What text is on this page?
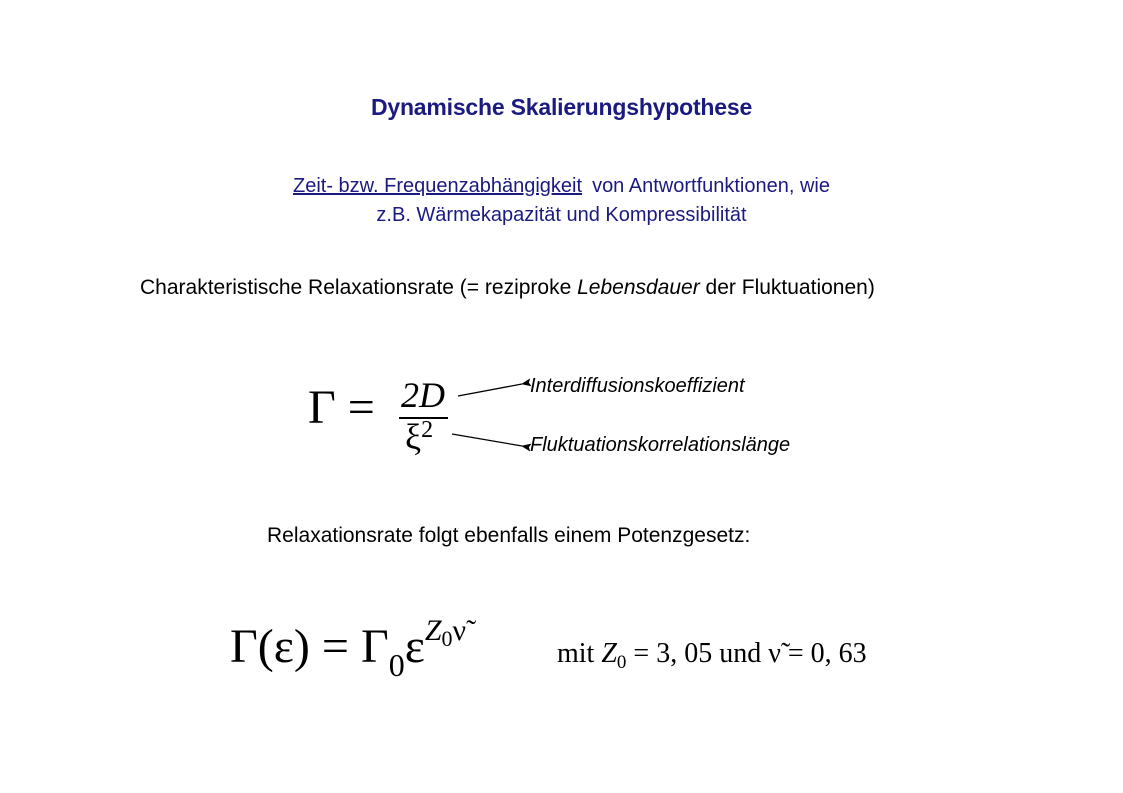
Dynamische Skalierungshypothese
Zeit- bzw. Frequenzabhängigkeit von Antwortfunktionen, wie
z.B. Wärmekapazität und Kompressibilität
Charakteristische Relaxationsrate (= reziproke Lebensdauer der Fluktuationen)
Γ = 2D
$\xi^2$
Interdiffusionskoeffizient
Fluktuationskorrelationslänge
Relaxationsrate folgt ebenfalls einem Potenzgesetz:
$\Gamma(\varepsilon) = \Gamma_0\varepsilon^{Z_0\nũ}$
mit $Z_0 = 3$, 05 und ν̃ = 0, 63
